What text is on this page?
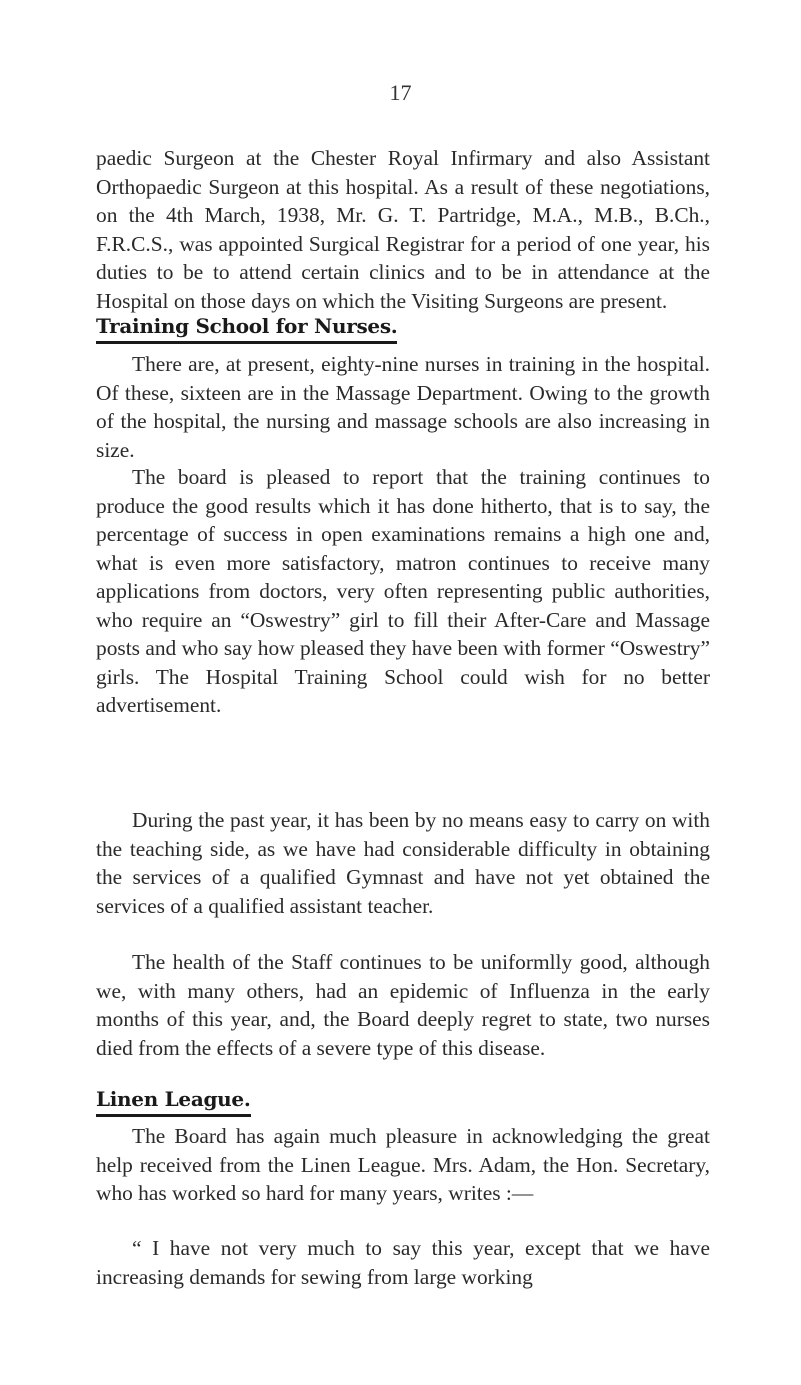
17

paedic Surgeon at the Chester Royal Infirmary and also Assistant Orthopaedic Surgeon at this hospital. As a result of these negotiations, on the 4th March, 1938, Mr. G. T. Partridge, M.A., M.B., B.Ch., F.R.C.S., was appointed Surgical Registrar for a period of one year, his duties to be to attend certain clinics and to be in attendance at the Hospital on those days on which the Visiting Surgeons are present.

Training School for Nurses.

There are, at present, eighty-nine nurses in training in the hospital. Of these, sixteen are in the Massage Department. Owing to the growth of the hospital, the nursing and massage schools are also increasing in size.

The board is pleased to report that the training continues to produce the good results which it has done hitherto, that is to say, the percentage of success in open examinations remains a high one and, what is even more satisfactory, matron continues to receive many applications from doctors, very often representing public authorities, who require an “Oswestry” girl to fill their After-Care and Massage posts and who say how pleased they have been with former “Oswestry” girls. The Hospital Training School could wish for no better advertisement.

During the past year, it has been by no means easy to carry on with the teaching side, as we have had considerable difficulty in obtaining the services of a qualified Gymnast and have not yet obtained the services of a qualified assistant teacher.

The health of the Staff continues to be uniformlly good, although we, with many others, had an epidemic of Influenza in the early months of this year, and, the Board deeply regret to state, two nurses died from the effects of a severe type of this disease.

Linen League.

The Board has again much pleasure in acknowledging the great help received from the Linen League. Mrs. Adam, the Hon. Secretary, who has worked so hard for many years, writes :—

“ I have not very much to say this year, except that we have increasing demands for sewing from large working
